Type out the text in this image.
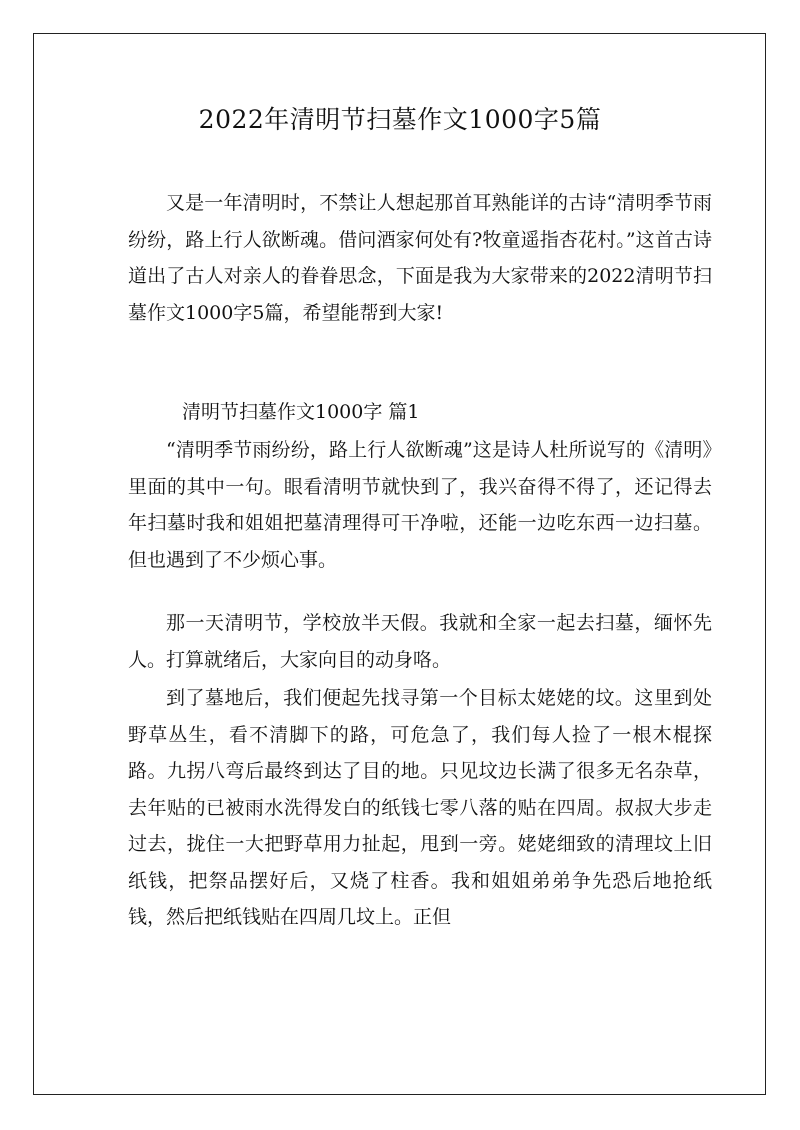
2022年清明节扫墓作文1000字5篇

又是一年清明时，不禁让人想起那首耳熟能详的古诗“清明季节雨纷纷，路上行人欲断魂。借问酒家何处有?牧童遥指杏花村。”这首古诗道出了古人对亲人的眷眷思念，下面是我为大家带来的2022清明节扫墓作文1000字5篇，希望能帮到大家!

清明节扫墓作文1000字 篇1

“清明季节雨纷纷，路上行人欲断魂”这是诗人杜所说写的《清明》里面的其中一句。眼看清明节就快到了，我兴奋得不得了，还记得去年扫墓时我和姐姐把墓清理得可干净啦，还能一边吃东西一边扫墓。但也遇到了不少烦心事。

那一天清明节，学校放半天假。我就和全家一起去扫墓，缅怀先人。打算就绪后，大家向目的动身咯。

到了墓地后，我们便起先找寻第一个目标太姥姥的坟。这里到处野草丛生，看不清脚下的路，可危急了，我们每人捡了一根木棍探路。九拐八弯后最终到达了目的地。只见坟边长满了很多无名杂草，去年贴的已被雨水洗得发白的纸钱七零八落的贴在四周。叔叔大步走过去，拢住一大把野草用力扯起，甩到一旁。姥姥细致的清理坟上旧纸钱，把祭品摆好后，又烧了柱香。我和姐姐弟弟争先恐后地抢纸钱，然后把纸钱贴在四周几坟上。正但
